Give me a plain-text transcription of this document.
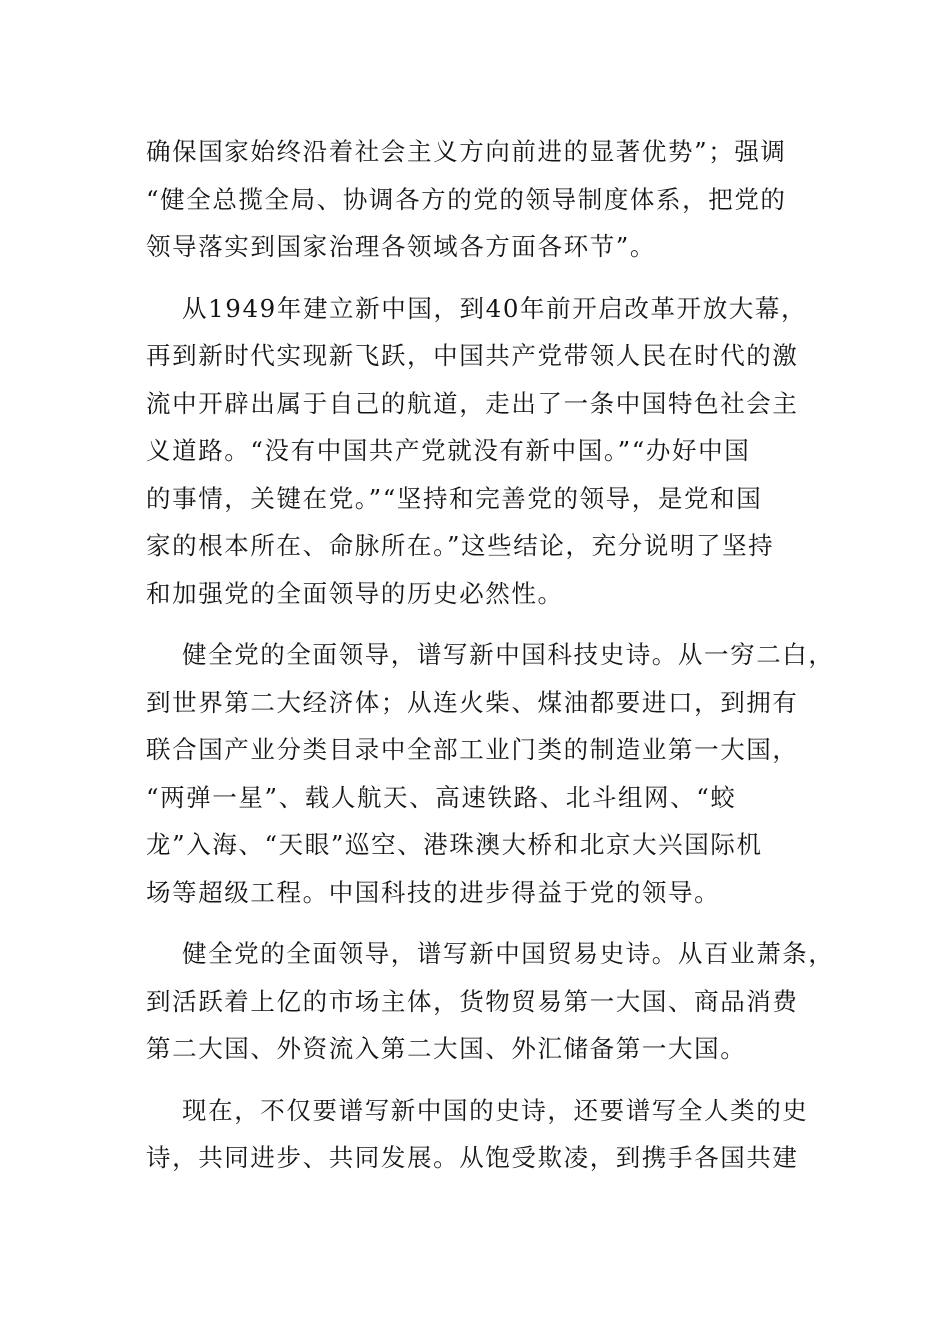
确保国家始终沿着社会主义方向前进的显著优势”；强调
“健全总揽全局、协调各方的党的领导制度体系，把党的
领导落实到国家治理各领域各方面各环节”。
从1949年建立新中国，到40年前开启改革开放大幕，
再到新时代实现新飞跃，中国共产党带领人民在时代的激
流中开辟出属于自己的航道，走出了一条中国特色社会主
义道路。“没有中国共产党就没有新中国。”“办好中国
的事情，关键在党。”“坚持和完善党的领导，是党和国
家的根本所在、命脉所在。”这些结论，充分说明了坚持
和加强党的全面领导的历史必然性。
健全党的全面领导，谱写新中国科技史诗。从一穷二白，
到世界第二大经济体；从连火柴、煤油都要进口，到拥有
联合国产业分类目录中全部工业门类的制造业第一大国，
“两弹一星”、载人航天、高速铁路、北斗组网、“蛟
龙”入海、“天眼”巡空、港珠澳大桥和北京大兴国际机
场等超级工程。中国科技的进步得益于党的领导。
健全党的全面领导，谱写新中国贸易史诗。从百业萧条，
到活跃着上亿的市场主体，货物贸易第一大国、商品消费
第二大国、外资流入第二大国、外汇储备第一大国。
现在，不仅要谱写新中国的史诗，还要谱写全人类的史
诗，共同进步、共同发展。从饱受欺凌，到携手各国共建
